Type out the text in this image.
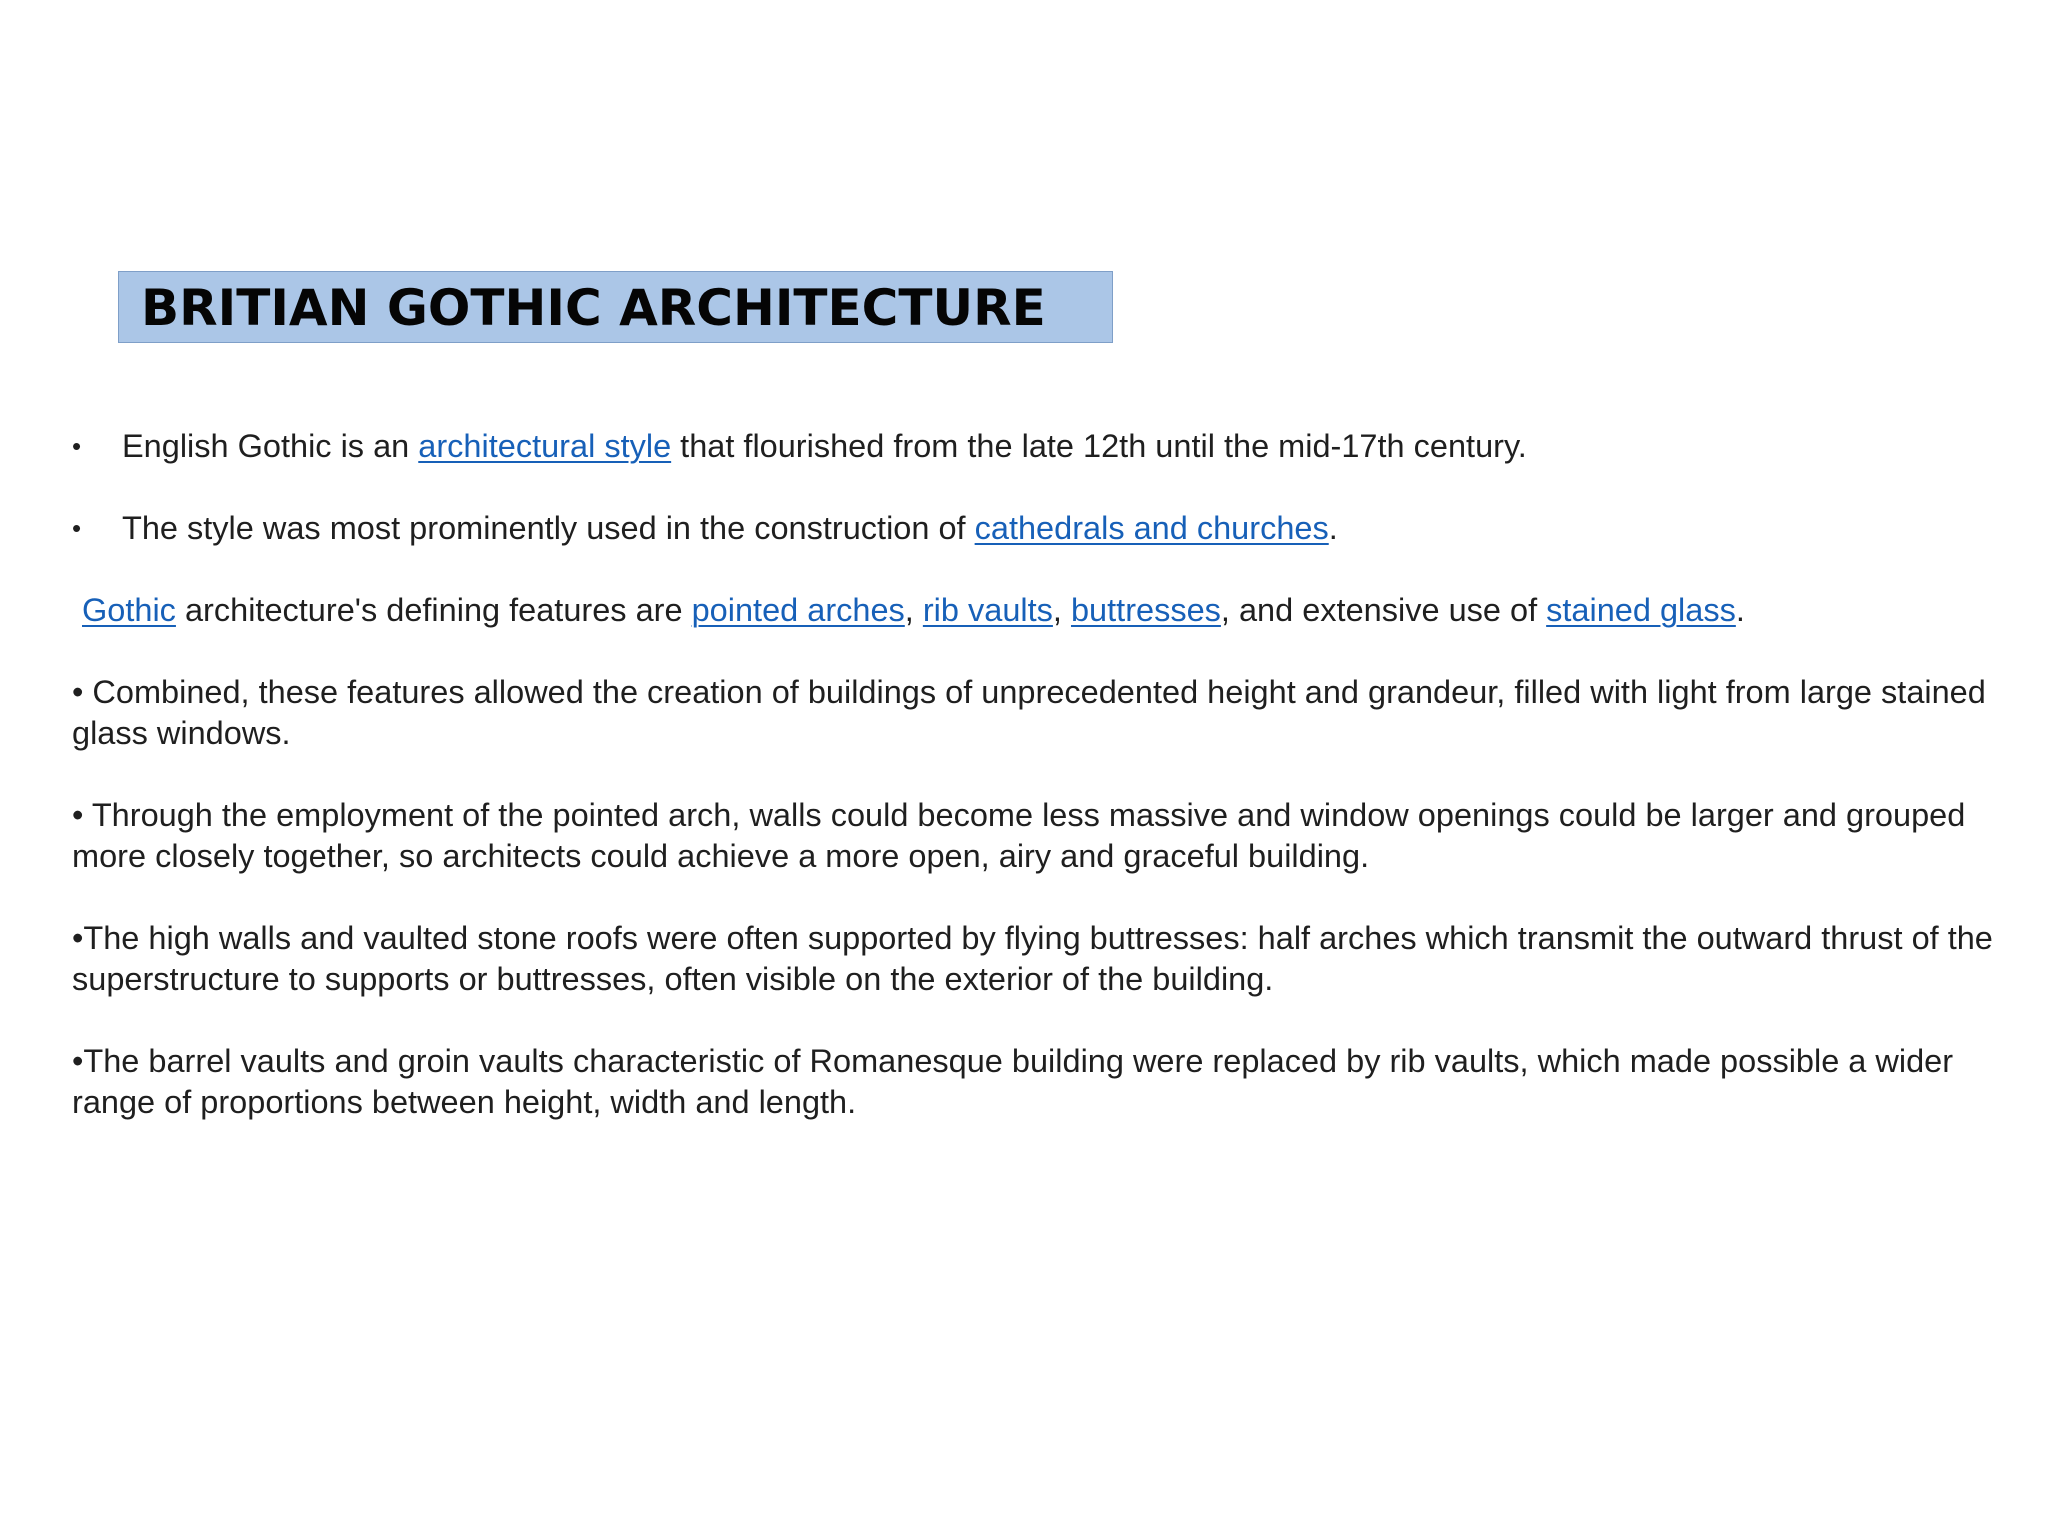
BRITIAN GOTHIC ARCHITECTURE

• English Gothic is an architectural style that flourished from the late 12th until the mid-17th century.

• The style was most prominently used in the construction of cathedrals and churches.

Gothic architecture's defining features are pointed arches, rib vaults, buttresses, and extensive use of stained glass.

• Combined, these features allowed the creation of buildings of unprecedented height and grandeur, filled with light from large stained glass windows.

• Through the employment of the pointed arch, walls could become less massive and window openings could be larger and grouped more closely together, so architects could achieve a more open, airy and graceful building.

•The high walls and vaulted stone roofs were often supported by flying buttresses: half arches which transmit the outward thrust of the superstructure to supports or buttresses, often visible on the exterior of the building.

•The barrel vaults and groin vaults characteristic of Romanesque building were replaced by rib vaults, which made possible a wider range of proportions between height, width and length.
